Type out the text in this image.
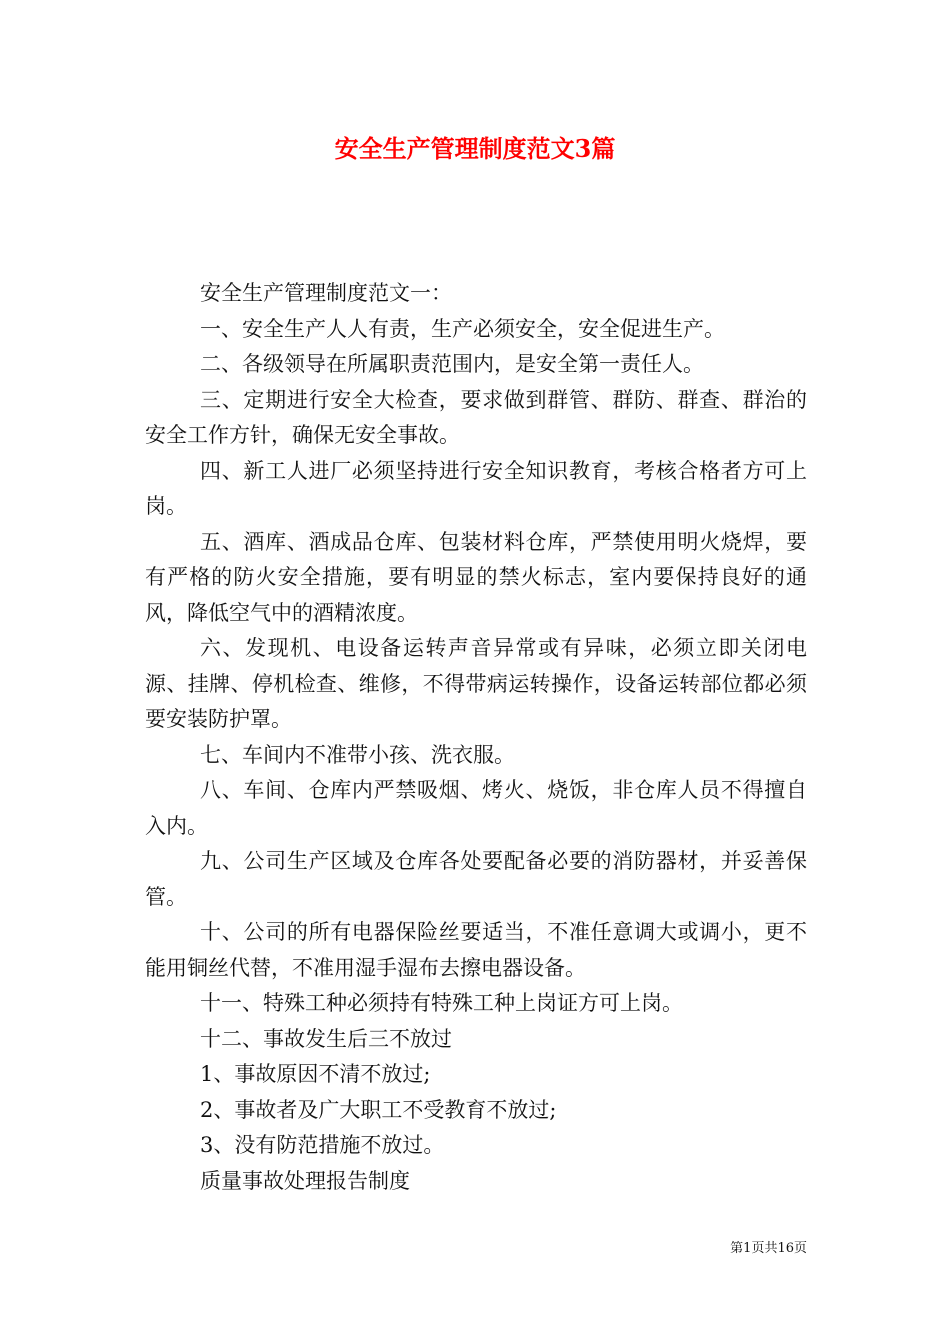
安全生产管理制度范文3篇

安全生产管理制度范文一：

一、安全生产人人有责，生产必须安全，安全促进生产。

二、各级领导在所属职责范围内，是安全第一责任人。

三、定期进行安全大检查，要求做到群管、群防、群查、群治的安全工作方针，确保无安全事故。

四、新工人进厂必须坚持进行安全知识教育，考核合格者方可上岗。

五、酒库、酒成品仓库、包装材料仓库，严禁使用明火烧焊，要有严格的防火安全措施，要有明显的禁火标志，室内要保持良好的通风，降低空气中的酒精浓度。

六、发现机、电设备运转声音异常或有异味，必须立即关闭电源、挂牌、停机检查、维修，不得带病运转操作，设备运转部位都必须要安装防护罩。

七、车间内不准带小孩、洗衣服。

八、车间、仓库内严禁吸烟、烤火、烧饭，非仓库人员不得擅自入内。

九、公司生产区域及仓库各处要配备必要的消防器材，并妥善保管。

十、公司的所有电器保险丝要适当，不准任意调大或调小，更不能用铜丝代替，不准用湿手湿布去擦电器设备。

十一、特殊工种必须持有特殊工种上岗证方可上岗。

十二、事故发生后三不放过

1、事故原因不清不放过;

2、事故者及广大职工不受教育不放过;

3、没有防范措施不放过。

质量事故处理报告制度

第1页共16页
